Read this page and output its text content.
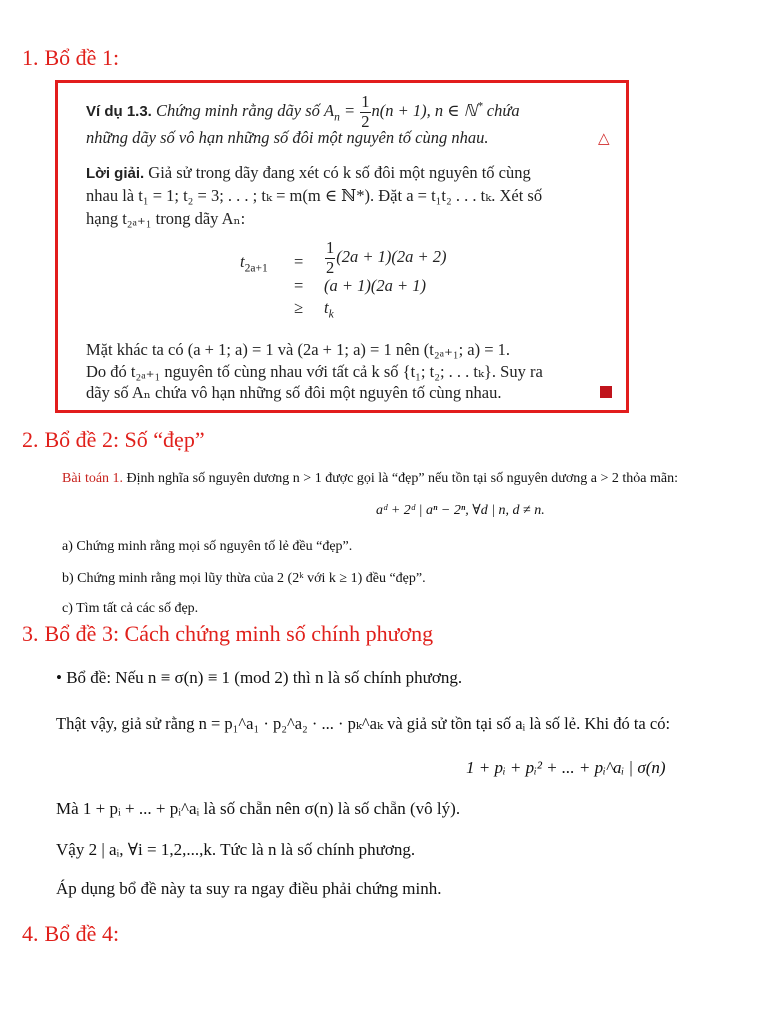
1. Bổ đề 1:
Ví dụ 1.3. Chứng minh rằng dãy số $A_n = \frac{1}{2} n(n + 1)$, n ∈ ℕ* chứa
những dãy số vô hạn những số đôi một nguyên tố cùng nhau.	△
Lời giải. Giả sử trong dãy đang xét có k số đôi một nguyên tố cùng
nhau là t₁ = 1; t₂ = 3; . . . ; tₖ = m(m ∈ ℕ*). Đặt a = t₁t₂ . . . tₖ. Xét số
hạng t₂ₐ₊₁ trong dãy Aₙ:
$t_{2a+1} = \frac{1}{2} (2a + 1)(2a + 2)$
= (a + 1)(2a + 1)
≥ $t_k$
Mặt khác ta có (a + 1; a) = 1 và (2a + 1; a) = 1 nên (t₂ₐ₊₁; a) = 1.
Do đó t₂ₐ₊₁ nguyên tố cùng nhau với tất cả k số {t₁; t₂; . . . tₖ}. Suy ra
dãy số Aₙ chứa vô hạn những số đôi một nguyên tố cùng nhau.
2. Bổ đề 2: Số “đẹp”
Bài toán 1. Định nghĩa số nguyên dương n > 1 được gọi là “đẹp” nếu tồn tại số nguyên dương a > 2 thỏa mãn:
aᵈ + 2ᵈ | aⁿ − 2ⁿ, ∀d | n, d ≠ n.
a) Chứng minh rằng mọi số nguyên tố lẻ đều “đẹp”.
b) Chứng minh rằng mọi lũy thừa của 2 (2ᵏ với k ≥ 1) đều “đẹp”.
c) Tìm tất cả các số đẹp.
3. Bổ đề 3: Cách chứng minh số chính phương
• Bổ đề: Nếu n ≡ σ(n) ≡ 1 (mod 2) thì n là số chính phương.
Thật vậy, giả sử rằng n = p₁^a₁ · p₂^a₂ · ... · pₖ^aₖ và giả sử tồn tại số aᵢ là số lẻ. Khi đó ta có:
1 + pᵢ + pᵢ² + ... + pᵢ^aᵢ | σ(n)
Mà 1 + pᵢ + ... + pᵢ^aᵢ là số chẵn nên σ(n) là số chẵn (vô lý).
Vậy 2 | aᵢ, ∀i = 1,2,...,k. Tức là n là số chính phương.
Áp dụng bổ đề này ta suy ra ngay điều phải chứng minh.
4. Bổ đề 4:
